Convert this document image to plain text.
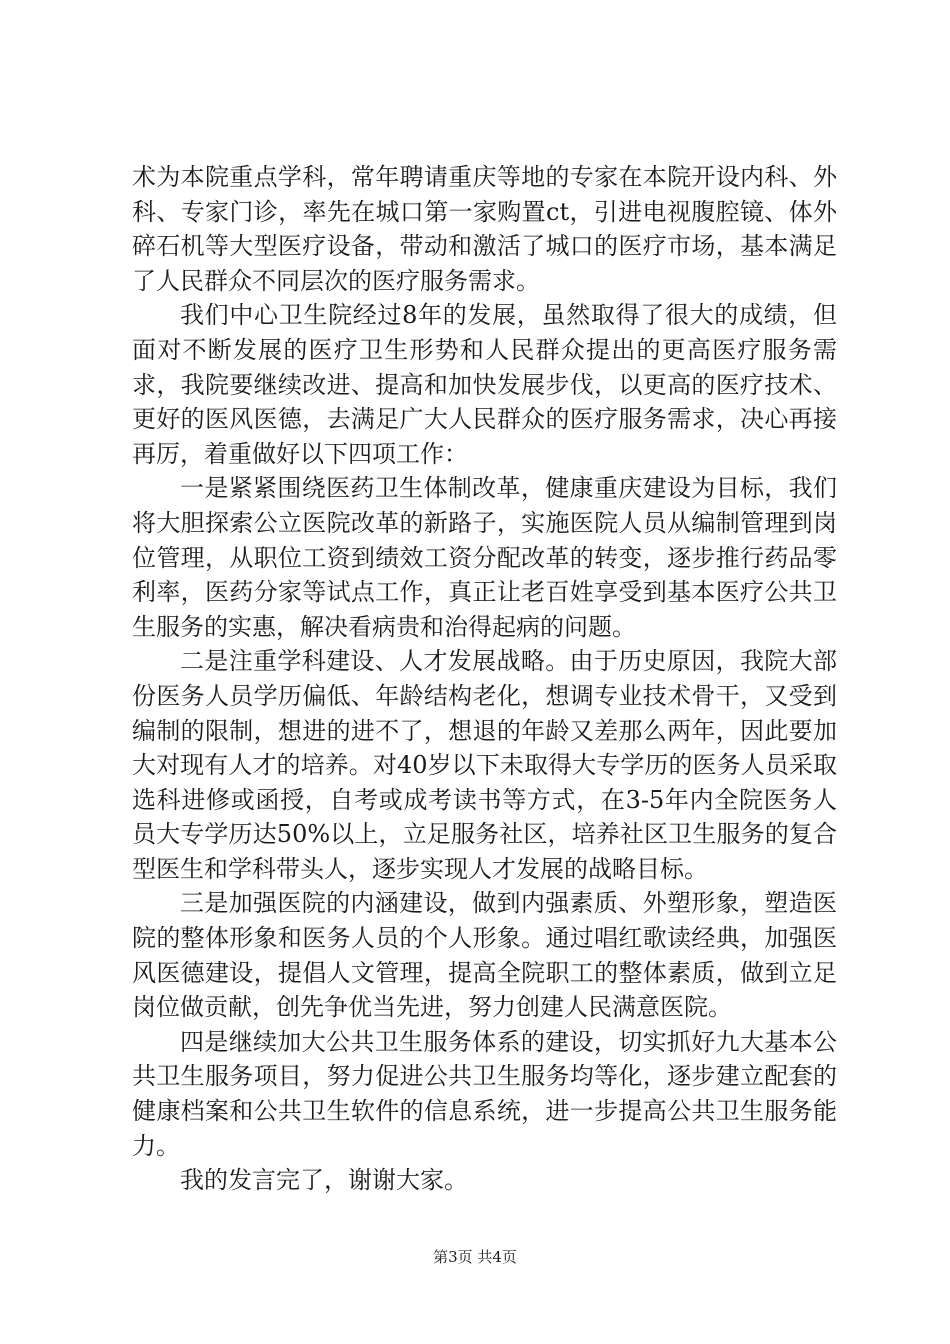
术为本院重点学科，常年聘请重庆等地的专家在本院开设内科、外科、专家门诊，率先在城口第一家购置ct，引进电视腹腔镜、体外碎石机等大型医疗设备，带动和激活了城口的医疗市场，基本满足了人民群众不同层次的医疗服务需求。

我们中心卫生院经过8年的发展，虽然取得了很大的成绩，但面对不断发展的医疗卫生形势和人民群众提出的更高医疗服务需求，我院要继续改进、提高和加快发展步伐，以更高的医疗技术、更好的医风医德，去满足广大人民群众的医疗服务需求，决心再接再厉，着重做好以下四项工作：

一是紧紧围绕医药卫生体制改革，健康重庆建设为目标，我们将大胆探索公立医院改革的新路子，实施医院人员从编制管理到岗位管理，从职位工资到绩效工资分配改革的转变，逐步推行药品零利率，医药分家等试点工作，真正让老百姓享受到基本医疗公共卫生服务的实惠，解决看病贵和治得起病的问题。

二是注重学科建设、人才发展战略。由于历史原因，我院大部份医务人员学历偏低、年龄结构老化，想调专业技术骨干，又受到编制的限制，想进的进不了，想退的年龄又差那么两年，因此要加大对现有人才的培养。对40岁以下未取得大专学历的医务人员采取选科进修或函授，自考或成考读书等方式，在3-5年内全院医务人员大专学历达50%以上，立足服务社区，培养社区卫生服务的复合型医生和学科带头人，逐步实现人才发展的战略目标。

三是加强医院的内涵建设，做到内强素质、外塑形象，塑造医院的整体形象和医务人员的个人形象。通过唱红歌读经典，加强医风医德建设，提倡人文管理，提高全院职工的整体素质，做到立足岗位做贡献，创先争优当先进，努力创建人民满意医院。

四是继续加大公共卫生服务体系的建设，切实抓好九大基本公共卫生服务项目，努力促进公共卫生服务均等化，逐步建立配套的健康档案和公共卫生软件的信息系统，进一步提高公共卫生服务能力。

我的发言完了，谢谢大家。

第3页 共4页
